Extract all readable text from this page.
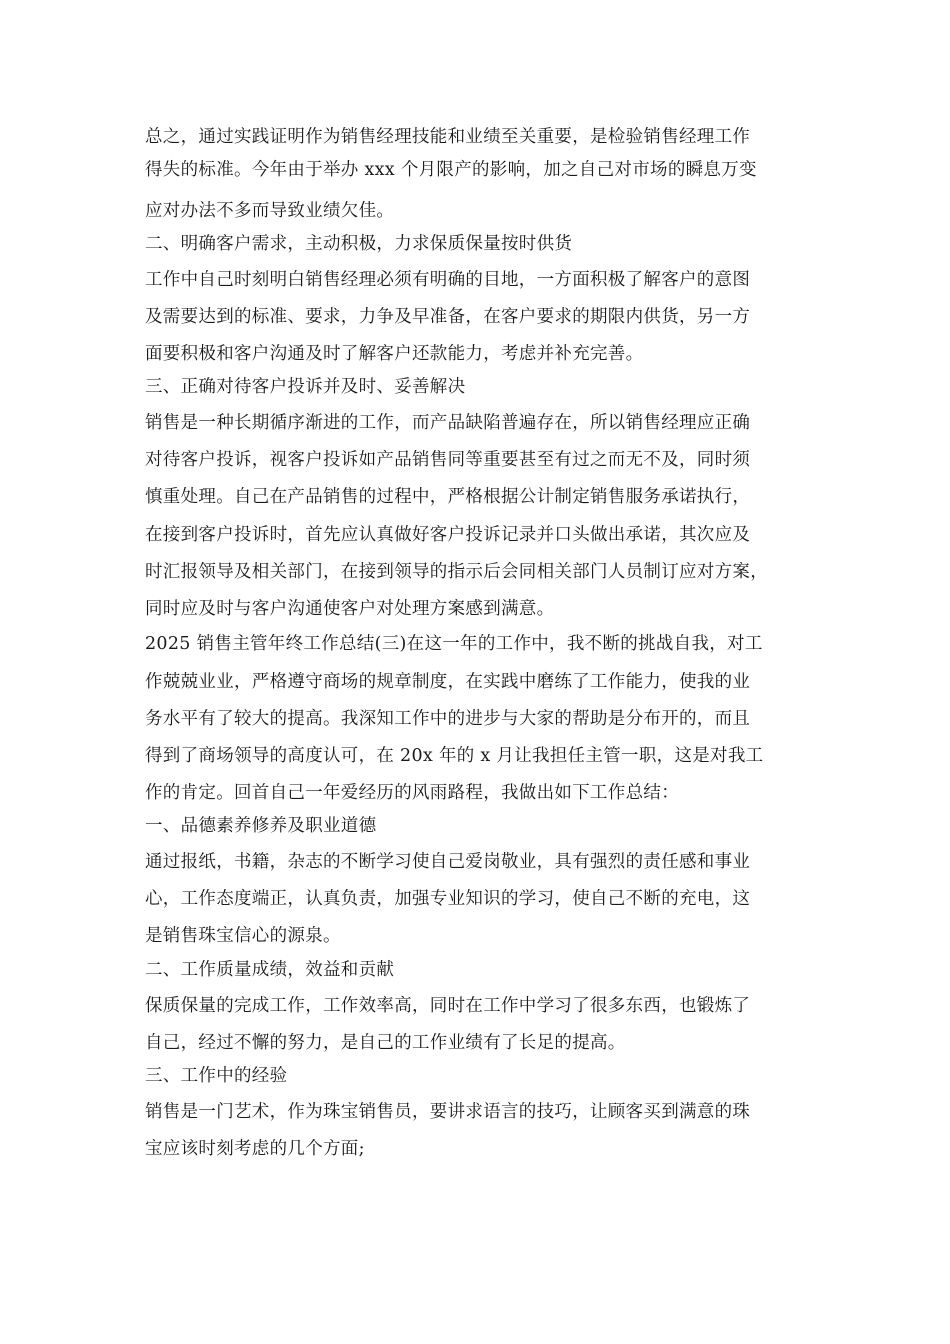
总之，通过实践证明作为销售经理技能和业绩至关重要，是检验销售经理工作
得失的标准。今年由于举办 xxx 个月限产的影响，加之自己对市场的瞬息万变
应对办法不多而导致业绩欠佳。
二、明确客户需求，主动积极，力求保质保量按时供货
工作中自己时刻明白销售经理必须有明确的目地，一方面积极了解客户的意图
及需要达到的标准、要求，力争及早准备，在客户要求的期限内供货，另一方
面要积极和客户沟通及时了解客户还款能力，考虑并补充完善。
三、正确对待客户投诉并及时、妥善解决
销售是一种长期循序渐进的工作，而产品缺陷普遍存在，所以销售经理应正确
对待客户投诉，视客户投诉如产品销售同等重要甚至有过之而无不及，同时须
慎重处理。自己在产品销售的过程中，严格根据公计制定销售服务承诺执行，
在接到客户投诉时，首先应认真做好客户投诉记录并口头做出承诺，其次应及
时汇报领导及相关部门，在接到领导的指示后会同相关部门人员制订应对方案，
同时应及时与客户沟通使客户对处理方案感到满意。
2025 销售主管年终工作总结(三)在这一年的工作中，我不断的挑战自我，对工
作兢兢业业，严格遵守商场的规章制度，在实践中磨练了工作能力，使我的业
务水平有了较大的提高。我深知工作中的进步与大家的帮助是分布开的，而且
得到了商场领导的高度认可，在 20x 年的 x 月让我担任主管一职，这是对我工
作的肯定。回首自己一年爱经历的风雨路程，我做出如下工作总结：
一、品德素养修养及职业道德
通过报纸，书籍，杂志的不断学习使自己爱岗敬业，具有强烈的责任感和事业
心，工作态度端正，认真负责，加强专业知识的学习，使自己不断的充电，这
是销售珠宝信心的源泉。
二、工作质量成绩，效益和贡献
保质保量的完成工作，工作效率高，同时在工作中学习了很多东西，也锻炼了
自己，经过不懈的努力，是自己的工作业绩有了长足的提高。
三、工作中的经验
销售是一门艺术，作为珠宝销售员，要讲求语言的技巧，让顾客买到满意的珠
宝应该时刻考虑的几个方面;
